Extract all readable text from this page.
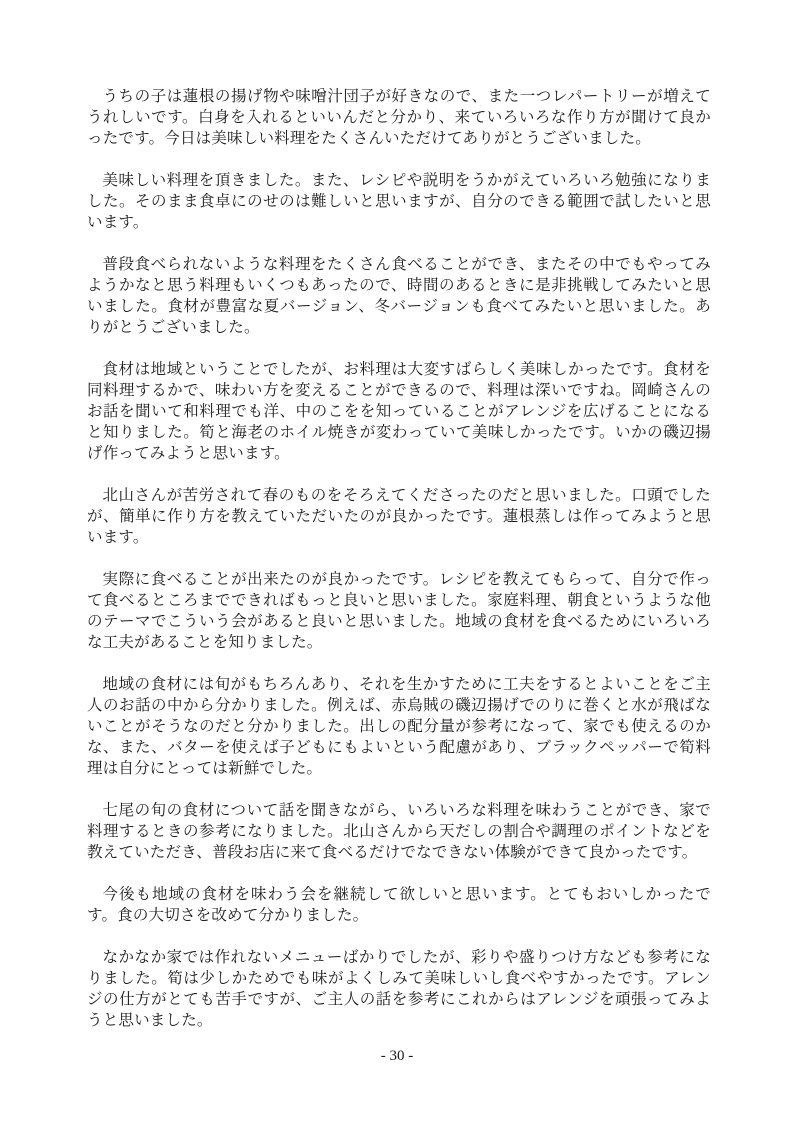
うちの子は蓮根の揚げ物や味噌汁団子が好きなので、また一つレパートリーが増えてうれしいです。白身を入れるといいんだと分かり、来ていろいろな作り方が聞けて良かったです。今日は美味しい料理をたくさんいただけてありがとうございました。

美味しい料理を頂きました。また、レシピや説明をうかがえていろいろ勉強になりました。そのまま食卓にのせのは難しいと思いますが、自分のできる範囲で試したいと思います。

普段食べられないような料理をたくさん食べることができ、またその中でもやってみようかなと思う料理もいくつもあったので、時間のあるときに是非挑戦してみたいと思いました。食材が豊富な夏バージョン、冬バージョンも食べてみたいと思いました。ありがとうございました。

食材は地域ということでしたが、お料理は大変すばらしく美味しかったです。食材を同料理するかで、味わい方を変えることができるので、料理は深いですね。岡崎さんのお話を聞いて和料理でも洋、中のこをを知っていることがアレンジを広げることになると知りました。筍と海老のホイル焼きが変わっていて美味しかったです。いかの磯辺揚げ作ってみようと思います。

北山さんが苦労されて春のものをそろえてくださったのだと思いました。口頭でしたが、簡単に作り方を教えていただいたのが良かったです。蓮根蒸しは作ってみようと思います。

実際に食べることが出来たのが良かったです。レシピを教えてもらって、自分で作って食べるところまでできればもっと良いと思いました。家庭料理、朝食というような他のテーマでこういう会があると良いと思いました。地域の食材を食べるためにいろいろな工夫があることを知りました。

地域の食材には旬がもちろんあり、それを生かすために工夫をするとよいことをご主人のお話の中から分かりました。例えば、赤烏賊の磯辺揚げでのりに巻くと水が飛ばないことがそうなのだと分かりました。出しの配分量が参考になって、家でも使えるのかな、また、バターを使えば子どもにもよいという配慮があり、ブラックペッパーで筍料理は自分にとっては新鮮でした。

七尾の旬の食材について話を聞きながら、いろいろな料理を味わうことができ、家で料理するときの参考になりました。北山さんから天だしの割合や調理のポイントなどを教えていただき、普段お店に来て食べるだけでなできない体験ができて良かったです。

今後も地域の食材を味わう会を継続して欲しいと思います。とてもおいしかったです。食の大切さを改めて分かりました。

なかなか家では作れないメニューばかりでしたが、彩りや盛りつけ方なども参考になりました。筍は少しかためでも味がよくしみて美味しいし食べやすかったです。アレンジの仕方がとても苦手ですが、ご主人の話を参考にこれからはアレンジを頑張ってみようと思いました。

- 30 -
